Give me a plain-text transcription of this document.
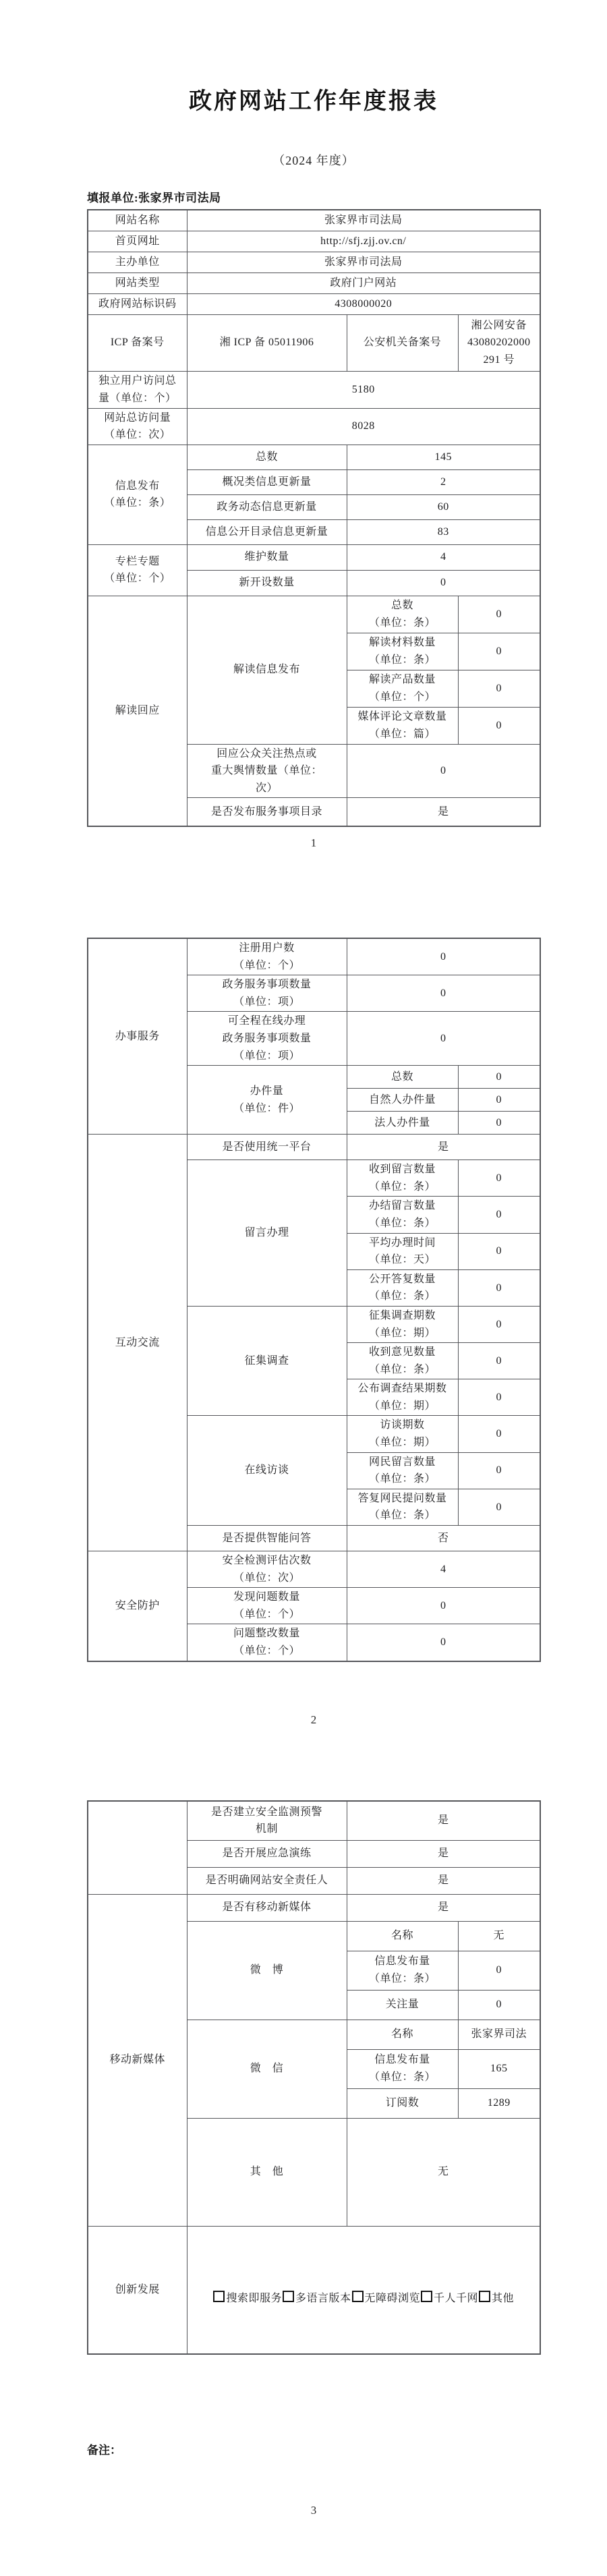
政府网站工作年度报表
（2024 年度）
填报单位:张家界市司法局
网站名称	张家界市司法局		
首页网址	http://sfj.zjj.ov.cn/		
主办单位	张家界市司法局		
网站类型	政府门户网站		
政府网站标识码	4308000020		
ICP 备案号	湘 ICP 备 05011906	公安机关备案号	湘公网安备
43080202000
291 号
独立用户访问总
量（单位：个）	5180		
网站总访问量
（单位：次）	8028		
信息发布
（单位：条）	总数	145	
	概况类信息更新量	2	
	政务动态信息更新量	60	
	信息公开目录信息更新量	83	
专栏专题
（单位：个）	维护数量	4	
	新开设数量	0	
解读回应	解读信息发布	总数
（单位：条）	0
		解读材料数量
（单位：条）	0
		解读产品数量
（单位：个）	0
		媒体评论文章数量
（单位：篇）	0
	回应公众关注热点或
重大舆情数量（单位：
次）	0	
	是否发布服务事项目录	是	
1
办事服务	注册用户数
（单位：个）	0	
	政务服务事项数量
（单位：项）	0	
	可全程在线办理
政务服务事项数量
（单位：项）	0	
	办件量
（单位：件）	总数	0
		自然人办件量	0
		法人办件量	0
互动交流	是否使用统一平台	是	
	留言办理	收到留言数量
（单位：条）	0
		办结留言数量
（单位：条）	0
		平均办理时间
（单位：天）	0
		公开答复数量
（单位：条）	0
	征集调查	征集调查期数
（单位：期）	0
		收到意见数量
（单位：条）	0
		公布调查结果期数
（单位：期）	0
	在线访谈	访谈期数
（单位：期）	0
		网民留言数量
（单位：条）	0
		答复网民提问数量
（单位：条）	0
	是否提供智能问答	否	
安全防护	安全检测评估次数
（单位：次）	4	
	发现问题数量
（单位：个）	0	
	问题整改数量
（单位：个）	0	
2
	是否建立安全监测预警
机制	是	
	是否开展应急演练	是	
	是否明确网站安全责任人	是	
移动新媒体	是否有移动新媒体	是	
	微　博	名称	无
		信息发布量
（单位：条）	0
		关注量	0
	微　信	名称	张家界司法
		信息发布量
（单位：条）	165
		订阅数	1289
	其　他	无	
创新发展	搜索即服务 多语言版本 无障碍浏览 千人千网 其他		

备注：
3
